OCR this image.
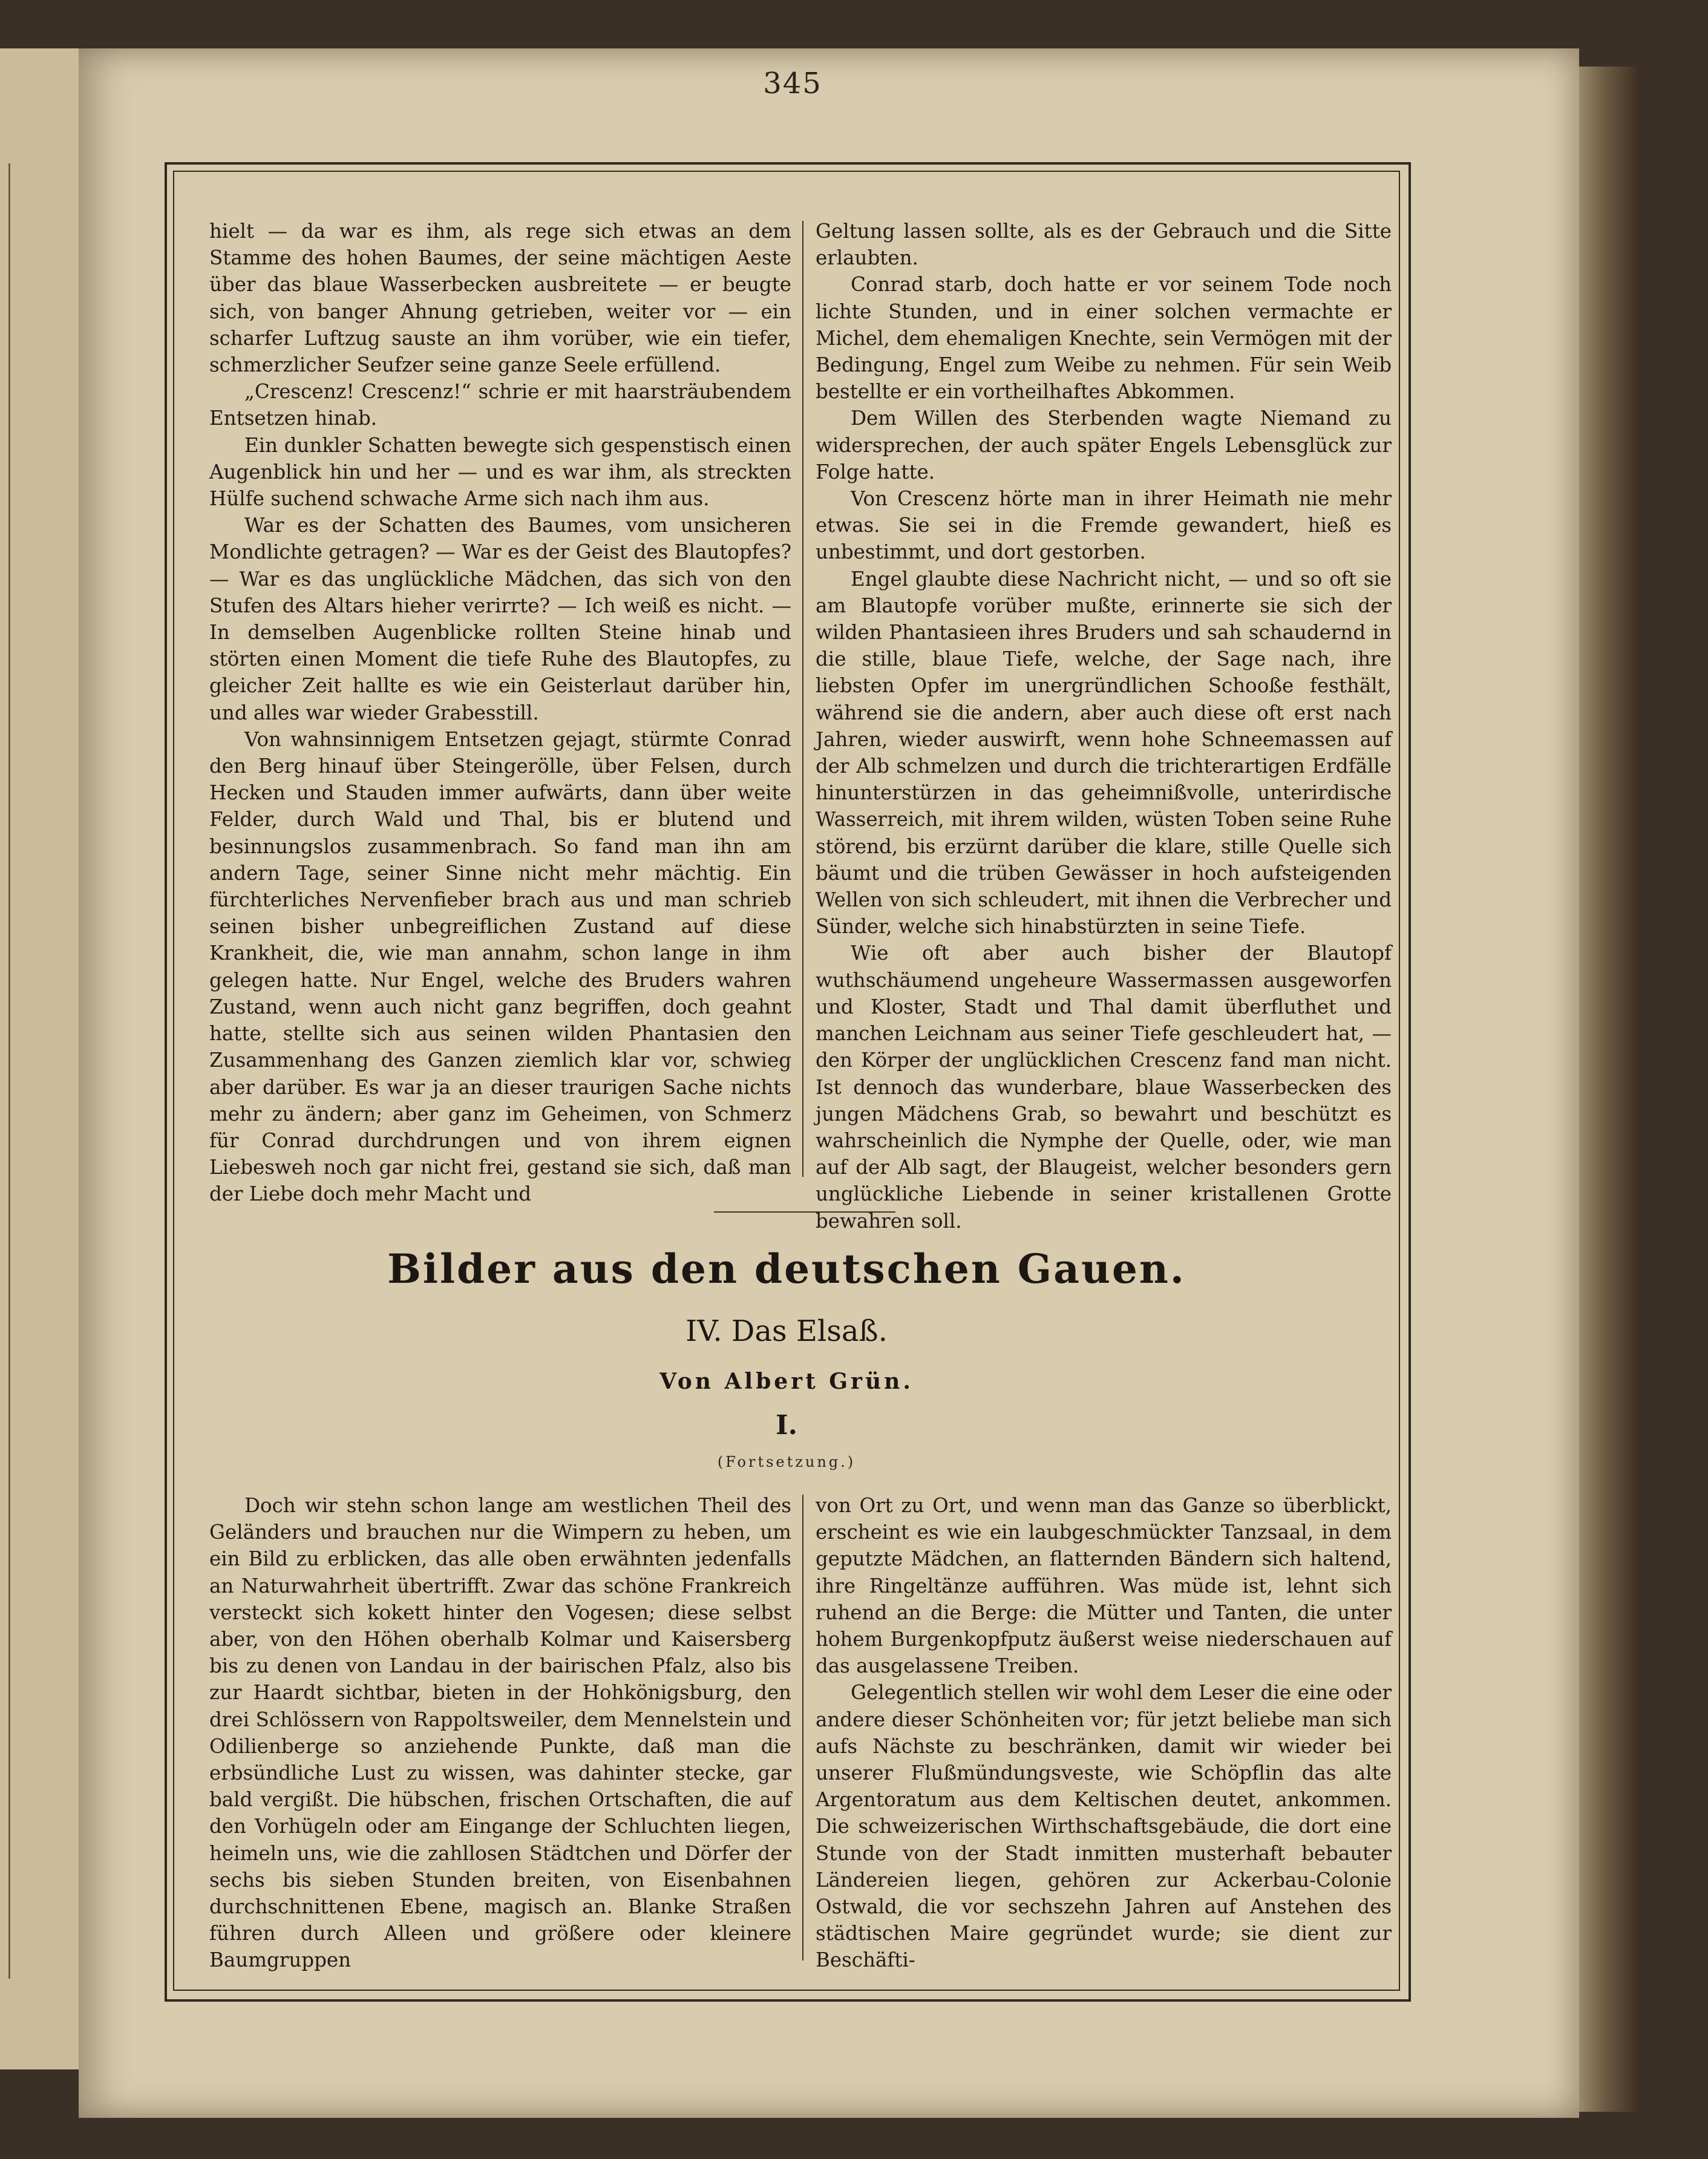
345

hielt — da war es ihm, als rege sich etwas an dem Stamme des hohen Baumes, der seine mächtigen Aeste über das blaue Wasserbecken ausbreitete — er beugte sich, von banger Ahnung getrieben, weiter vor — ein scharfer Luftzug sauste an ihm vorüber, wie ein tiefer, schmerzlicher Seufzer seine ganze Seele erfüllend.

„Crescenz! Crescenz!“ schrie er mit haarsträubendem Entsetzen hinab.

Ein dunkler Schatten bewegte sich gespenstisch einen Augenblick hin und her — und es war ihm, als streckten Hülfe suchend schwache Arme sich nach ihm aus.

War es der Schatten des Baumes, vom unsicheren Mondlichte getragen? — War es der Geist des Blautopfes? — War es das unglückliche Mädchen, das sich von den Stufen des Altars hieher verirrte? — Ich weiß es nicht. — In demselben Augenblicke rollten Steine hinab und störten einen Moment die tiefe Ruhe des Blautopfes, zu gleicher Zeit hallte es wie ein Geisterlaut darüber hin, und alles war wieder Grabesstill.

Von wahnsinnigem Entsetzen gejagt, stürmte Conrad den Berg hinauf über Steingerölle, über Felsen, durch Hecken und Stauden immer aufwärts, dann über weite Felder, durch Wald und Thal, bis er blutend und besinnungslos zusammenbrach. So fand man ihn am andern Tage, seiner Sinne nicht mehr mächtig. Ein fürchterliches Nervenfieber brach aus und man schrieb seinen bisher unbegreiflichen Zustand auf diese Krankheit, die, wie man annahm, schon lange in ihm gelegen hatte. Nur Engel, welche des Bruders wahren Zustand, wenn auch nicht ganz begriffen, doch geahnt hatte, stellte sich aus seinen wilden Phantasien den Zusammenhang des Ganzen ziemlich klar vor, schwieg aber darüber. Es war ja an dieser traurigen Sache nichts mehr zu ändern; aber ganz im Geheimen, von Schmerz für Conrad durchdrungen und von ihrem eignen Liebesweh noch gar nicht frei, gestand sie sich, daß man der Liebe doch mehr Macht und

Geltung lassen sollte, als es der Gebrauch und die Sitte erlaubten.

Conrad starb, doch hatte er vor seinem Tode noch lichte Stunden, und in einer solchen vermachte er Michel, dem ehemaligen Knechte, sein Vermögen mit der Bedingung, Engel zum Weibe zu nehmen. Für sein Weib bestellte er ein vortheilhaftes Abkommen.

Dem Willen des Sterbenden wagte Niemand zu widersprechen, der auch später Engels Lebensglück zur Folge hatte.

Von Crescenz hörte man in ihrer Heimath nie mehr etwas. Sie sei in die Fremde gewandert, hieß es unbestimmt, und dort gestorben.

Engel glaubte diese Nachricht nicht, — und so oft sie am Blautopfe vorüber mußte, erinnerte sie sich der wilden Phantasieen ihres Bruders und sah schaudernd in die stille, blaue Tiefe, welche, der Sage nach, ihre liebsten Opfer im unergründlichen Schooße festhält, während sie die andern, aber auch diese oft erst nach Jahren, wieder auswirft, wenn hohe Schneemassen auf der Alb schmelzen und durch die trichterartigen Erdfälle hinunterstürzen in das geheimnißvolle, unterirdische Wasserreich, mit ihrem wilden, wüsten Toben seine Ruhe störend, bis erzürnt darüber die klare, stille Quelle sich bäumt und die trüben Gewässer in hoch aufsteigenden Wellen von sich schleudert, mit ihnen die Verbrecher und Sünder, welche sich hinabstürzten in seine Tiefe.

Wie oft aber auch bisher der Blautopf wuthschäumend ungeheure Wassermassen ausgeworfen und Kloster, Stadt und Thal damit überfluthet und manchen Leichnam aus seiner Tiefe geschleudert hat, — den Körper der unglücklichen Crescenz fand man nicht. Ist dennoch das wunderbare, blaue Wasserbecken des jungen Mädchens Grab, so bewahrt und beschützt es wahrscheinlich die Nymphe der Quelle, oder, wie man auf der Alb sagt, der Blaugeist, welcher besonders gern unglückliche Liebende in seiner kristallenen Grotte bewahren soll.

Bilder aus den deutschen Gauen.
IV. Das Elsaß.
Von Albert Grün.
I.
(Fortsetzung.)

Doch wir stehn schon lange am westlichen Theil des Geländers und brauchen nur die Wimpern zu heben, um ein Bild zu erblicken, das alle oben erwähnten jedenfalls an Naturwahrheit übertrifft. Zwar das schöne Frankreich versteckt sich kokett hinter den Vogesen; diese selbst aber, von den Höhen oberhalb Kolmar und Kaisersberg bis zu denen von Landau in der bairischen Pfalz, also bis zur Haardt sichtbar, bieten in der Hohkönigsburg, den drei Schlössern von Rappoltsweiler, dem Mennelstein und Odilienberge so anziehende Punkte, daß man die erbsündliche Lust zu wissen, was dahinter stecke, gar bald vergißt. Die hübschen, frischen Ortschaften, die auf den Vorhügeln oder am Eingange der Schluchten liegen, heimeln uns, wie die zahllosen Städtchen und Dörfer der sechs bis sieben Stunden breiten, von Eisenbahnen durchschnittenen Ebene, magisch an. Blanke Straßen führen durch Alleen und größere oder kleinere Baumgruppen

von Ort zu Ort, und wenn man das Ganze so überblickt, erscheint es wie ein laubgeschmückter Tanzsaal, in dem geputzte Mädchen, an flatternden Bändern sich haltend, ihre Ringeltänze aufführen. Was müde ist, lehnt sich ruhend an die Berge: die Mütter und Tanten, die unter hohem Burgenkopfputz äußerst weise niederschauen auf das ausgelassene Treiben.

Gelegentlich stellen wir wohl dem Leser die eine oder andere dieser Schönheiten vor; für jetzt beliebe man sich aufs Nächste zu beschränken, damit wir wieder bei unserer Flußmündungsveste, wie Schöpflin das alte Argentoratum aus dem Keltischen deutet, ankommen. Die schweizerischen Wirthschaftsgebäude, die dort eine Stunde von der Stadt inmitten musterhaft bebauter Ländereien liegen, gehören zur Ackerbau-Colonie Ostwald, die vor sechszehn Jahren auf Anstehen des städtischen Maire gegründet wurde; sie dient zur Beschäfti-
